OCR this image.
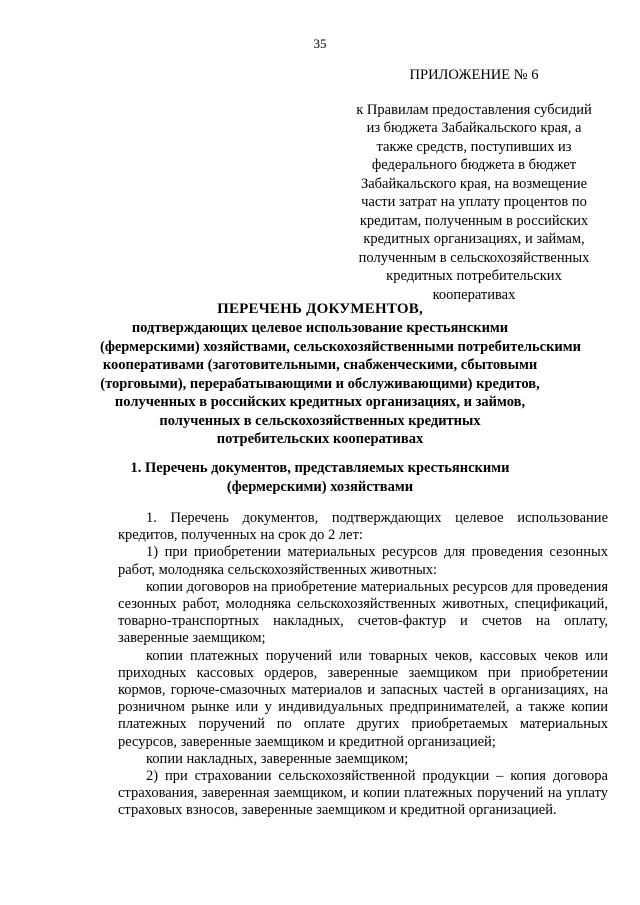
35
ПРИЛОЖЕНИЕ № 6
к Правилам предоставления субсидий
из бюджета Забайкальского края, а
также средств, поступивших из
федерального бюджета в бюджет
Забайкальского края, на возмещение
части затрат на уплату процентов по
кредитам, полученным в российских
кредитных организациях, и займам,
полученным в сельскохозяйственных
кредитных потребительских
кооперативах
ПЕРЕЧЕНЬ ДОКУМЕНТОВ,
подтверждающих целевое использование крестьянскими
(фермерскими) хозяйствами, сельскохозяйственными потребительскими
кооперативами (заготовительными, снабженческими, сбытовыми
(торговыми), перерабатывающими и обслуживающими) кредитов,
полученных в российских кредитных организациях, и займов,
полученных в сельскохозяйственных кредитных
потребительских кооперативах
1. Перечень документов, представляемых крестьянскими
(фермерскими) хозяйствами

1. Перечень документов, подтверждающих целевое использование кредитов, полученных на срок до 2 лет:

1) при приобретении материальных ресурсов для проведения сезонных работ, молодняка сельскохозяйственных животных:

копии договоров на приобретение материальных ресурсов для проведения сезонных работ, молодняка сельскохозяйственных животных, спецификаций, товарно-транспортных накладных, счетов-фактур и счетов на оплату, заверенные заемщиком;

копии платежных поручений или товарных чеков, кассовых чеков или приходных кассовых ордеров, заверенные заемщиком при приобретении кормов, горюче-смазочных материалов и запасных частей в организациях, на розничном рынке или у индивидуальных предпринимателей, а также копии платежных поручений по оплате других приобретаемых материальных ресурсов, заверенные заемщиком и кредитной организацией;

копии накладных, заверенные заемщиком;

2) при страховании сельскохозяйственной продукции – копия договора страхования, заверенная заемщиком, и копии платежных поручений на уплату страховых взносов, заверенные заемщиком и кредитной организацией.
